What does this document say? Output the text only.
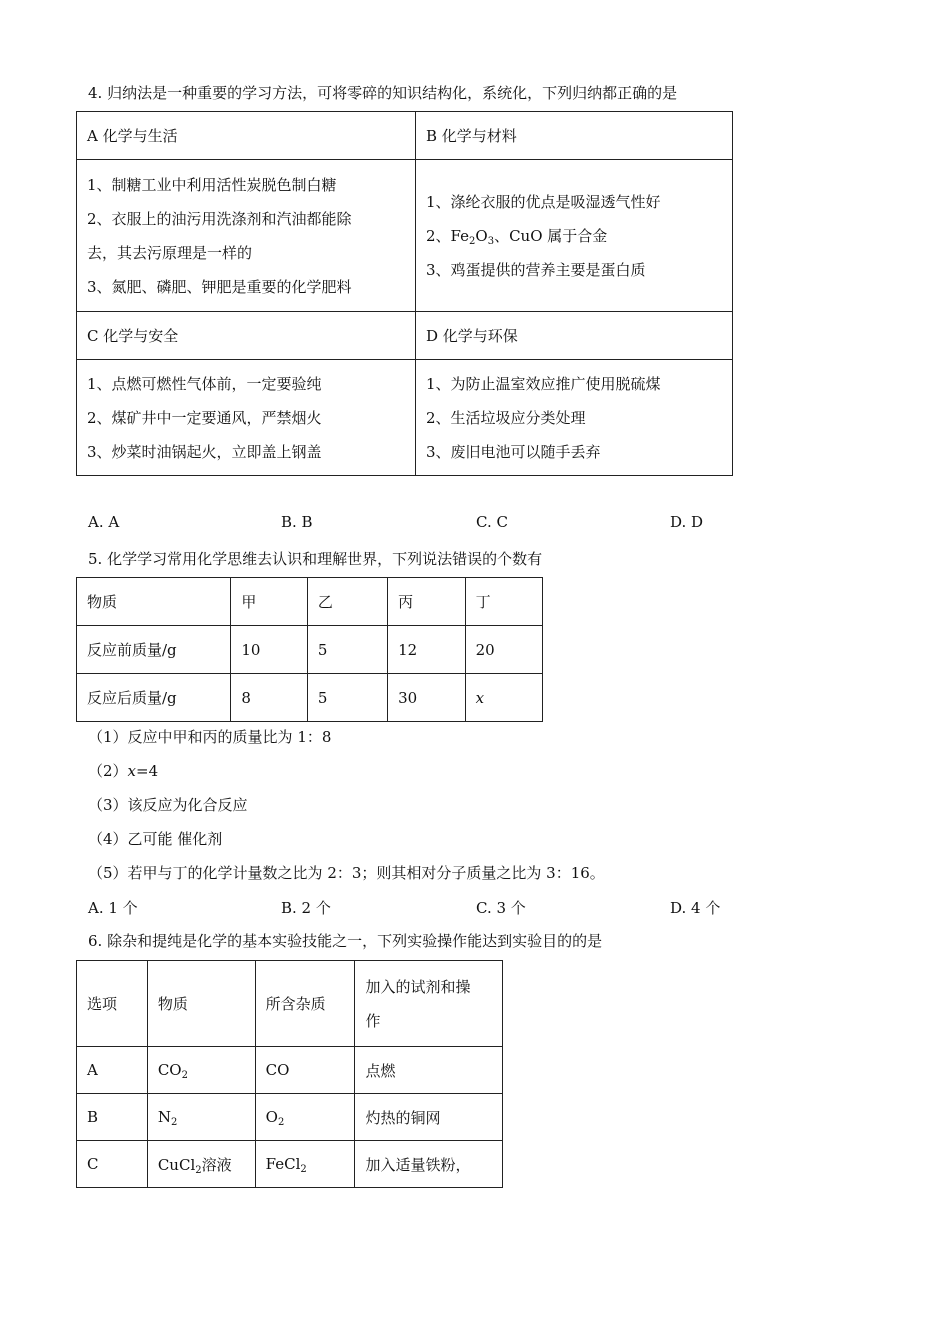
4. 归纳法是一种重要的学习方法，可将零碎的知识结构化，系统化，下列归纳都正确的是
A 化学与生活	B 化学与材料

1、制糖工业中利用活性炭脱色制白糖
2、衣服上的油污用洗涤剂和汽油都能除
去，其去污原理是一样的
3、氮肥、磷肥、钾肥是重要的化学肥料	1、涤纶衣服的优点是吸湿透气性好
2、$Fe_2O_3$、CuO 属于合金
3、鸡蛋提供的营养主要是蛋白质

C 化学与安全	D 化学与环保

1、点燃可燃性气体前，一定要验纯
2、煤矿井中一定要通风，严禁烟火
3、炒菜时油锅起火，立即盖上钢盖	1、为防止温室效应推广使用脱硫煤
2、生活垃圾应分类处理
3、废旧电池可以随手丢弃
A. A	B. B	C. C	D. D
5. 化学学习常用化学思维去认识和理解世界，下列说法错误的个数有
物质	甲	乙	丙	丁
反应前质量/g	10	5	12	20
反应后质量/g	8	5	30	x
（1）反应中甲和丙的质量比为 1：8
（2）x=4
（3）该反应为化合反应
（4）乙可能 催化剂
（5）若甲与丁的化学计量数之比为 2：3；则其相对分子质量之比为 3：16。
A. 1 个	B. 2 个	C. 3 个	D. 4 个
6. 除杂和提纯是化学的基本实验技能之一，下列实验操作能达到实验目的的是
选项	物质	所含杂质	加入的试剂和操
作

A	$CO_2$	CO	点燃
B	$N_2$	$O_2$	灼热的铜网
C	CuCl$_2$溶液	FeCl$_2$	加入适量铁粉，
